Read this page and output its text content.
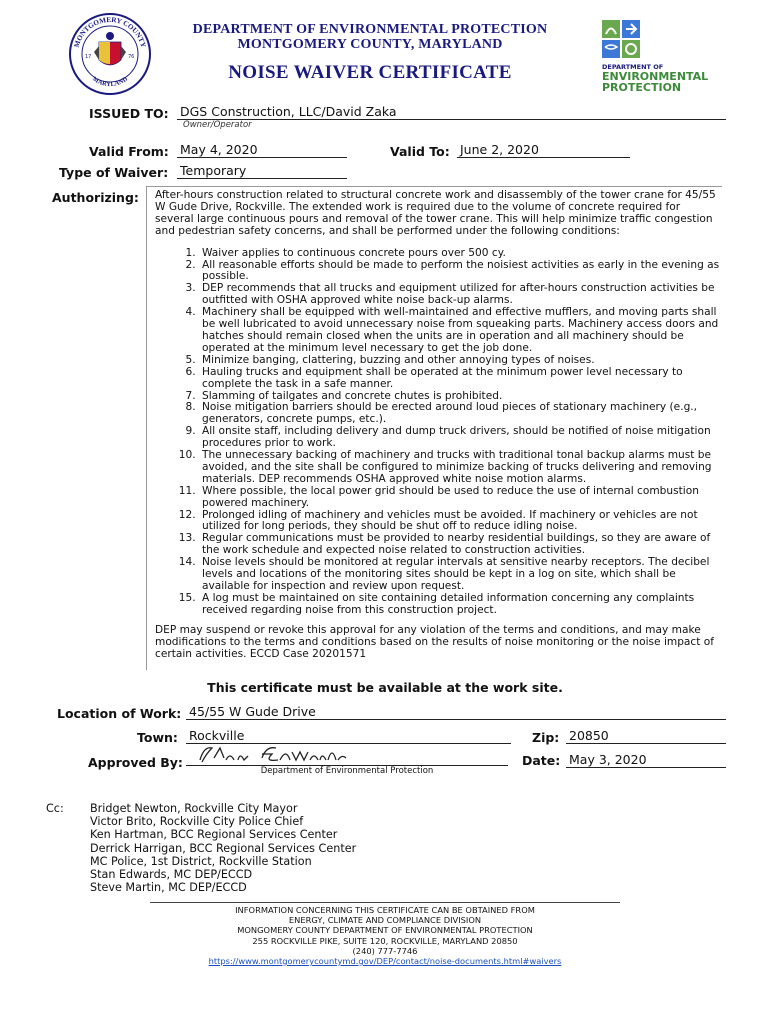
MONTGOMERY COUNTY
MARYLAND
17	76
DEPARTMENT OF ENVIRONMENTAL PROTECTION
MONTGOMERY COUNTY, MARYLAND
NOISE WAIVER CERTIFICATE	DEPARTMENT OF
ENVIRONMENTAL
PROTECTION
ISSUED TO: DGS Construction, LLC/David Zaka
Owner/Operator
Valid From: May 4, 2020	Valid To: June 2, 2020
Type of Waiver: Temporary
Authorizing: After-hours construction related to structural concrete work and disassembly of the tower crane for 45/55 W Gude Drive, Rockville. The extended work is required due to the volume of concrete required for several large continuous pours and removal of the tower crane. This will help minimize traffic congestion and pedestrian safety concerns, and shall be performed under the following conditions:

1. Waiver applies to continuous concrete pours over 500 cy.
2. All reasonable efforts should be made to perform the noisiest activities as early in the evening as possible.
3. DEP recommends that all trucks and equipment utilized for after-hours construction activities be outfitted with OSHA approved white noise back-up alarms.
4. Machinery shall be equipped with well-maintained and effective mufflers, and moving parts shall be well lubricated to avoid unnecessary noise from squeaking parts. Machinery access doors and hatches should remain closed when the units are in operation and all machinery should be operated at the minimum level necessary to get the job done.
5. Minimize banging, clattering, buzzing and other annoying types of noises.
6. Hauling trucks and equipment shall be operated at the minimum power level necessary to complete the task in a safe manner.
7. Slamming of tailgates and concrete chutes is prohibited.
8. Noise mitigation barriers should be erected around loud pieces of stationary machinery (e.g., generators, concrete pumps, etc.).
9. All onsite staff, including delivery and dump truck drivers, should be notified of noise mitigation procedures prior to work.
10. The unnecessary backing of machinery and trucks with traditional tonal backup alarms must be avoided, and the site shall be configured to minimize backing of trucks delivering and removing materials. DEP recommends OSHA approved white noise motion alarms.
11. Where possible, the local power grid should be used to reduce the use of internal combustion powered machinery.
12. Prolonged idling of machinery and vehicles must be avoided. If machinery or vehicles are not utilized for long periods, they should be shut off to reduce idling noise.
13. Regular communications must be provided to nearby residential buildings, so they are aware of the work schedule and expected noise related to construction activities.
14. Noise levels should be monitored at regular intervals at sensitive nearby receptors. The decibel levels and locations of the monitoring sites should be kept in a log on site, which shall be available for inspection and review upon request.
15. A log must be maintained on site containing detailed information concerning any complaints received regarding noise from this construction project.

DEP may suspend or revoke this approval for any violation of the terms and conditions, and may make modifications to the terms and conditions based on the results of noise monitoring or the noise impact of certain activities. ECCD Case 20201571

This certificate must be available at the work site.
Location of Work: 45/55 W Gude Drive
Town: Rockville	Zip: 20850
Approved By:
Department of Environmental Protection
Date: May 3, 2020
Cc: Bridget Newton, Rockville City Mayor
Victor Brito, Rockville City Police Chief
Ken Hartman, BCC Regional Services Center
Derrick Harrigan, BCC Regional Services Center
MC Police, 1st District, Rockville Station
Stan Edwards, MC DEP/ECCD
Steve Martin, MC DEP/ECCD
INFORMATION CONCERNING THIS CERTIFICATE CAN BE OBTAINED FROM
ENERGY, CLIMATE AND COMPLIANCE DIVISION
MONGOMERY COUNTY DEPARTMENT OF ENVIRONMENTAL PROTECTION
255 ROCKVILLE PIKE, SUITE 120, ROCKVILLE, MARYLAND 20850
(240) 777-7746
https://www.montgomerycountymd.gov/DEP/contact/noise-documents.html#waivers
